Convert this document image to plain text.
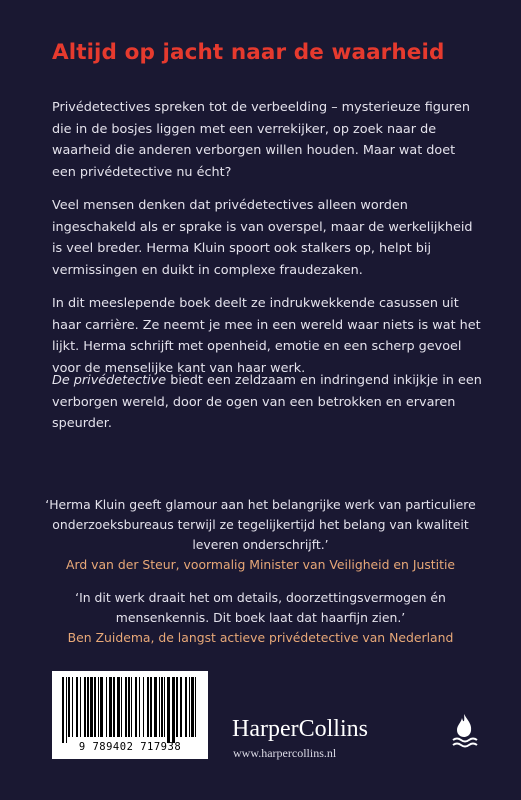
Altijd op jacht naar de waarheid

Privédetectives spreken tot de verbeelding – mysterieuze figuren die in de bosjes liggen met een verrekijker, op zoek naar de waarheid die anderen verborgen willen houden. Maar wat doet een privédetective nu écht?

Veel mensen denken dat privédetectives alleen worden ingeschakeld als er sprake is van overspel, maar de werkelijkheid is veel breder. Herma Kluin spoort ook stalkers op, helpt bij vermissingen en duikt in complexe fraudezaken.

In dit meeslepende boek deelt ze indrukwekkende casussen uit haar carrière. Ze neemt je mee in een wereld waar niets is wat het lijkt. Herma schrijft met openheid, emotie en een scherp gevoel voor de menselijke kant van haar werk.

De privédetective biedt een zeldzaam en indringend inkijkje in een verborgen wereld, door de ogen van een betrokken en ervaren speurder.

‘Herma Kluin geeft glamour aan het belangrijke werk van particuliere onderzoeksbureaus terwijl ze tegelijkertijd het belang van kwaliteit leveren onderschrijft.’
Ard van der Steur, voormalig Minister van Veiligheid en Justitie
‘In dit werk draait het om details, doorzettingsvermogen én mensenkennis. Dit boek laat dat haarfijn zien.’
Ben Zuidema, de langst actieve privédetective van Nederland
9 789402 717938
HarperCollins
www.harpercollins.nl
